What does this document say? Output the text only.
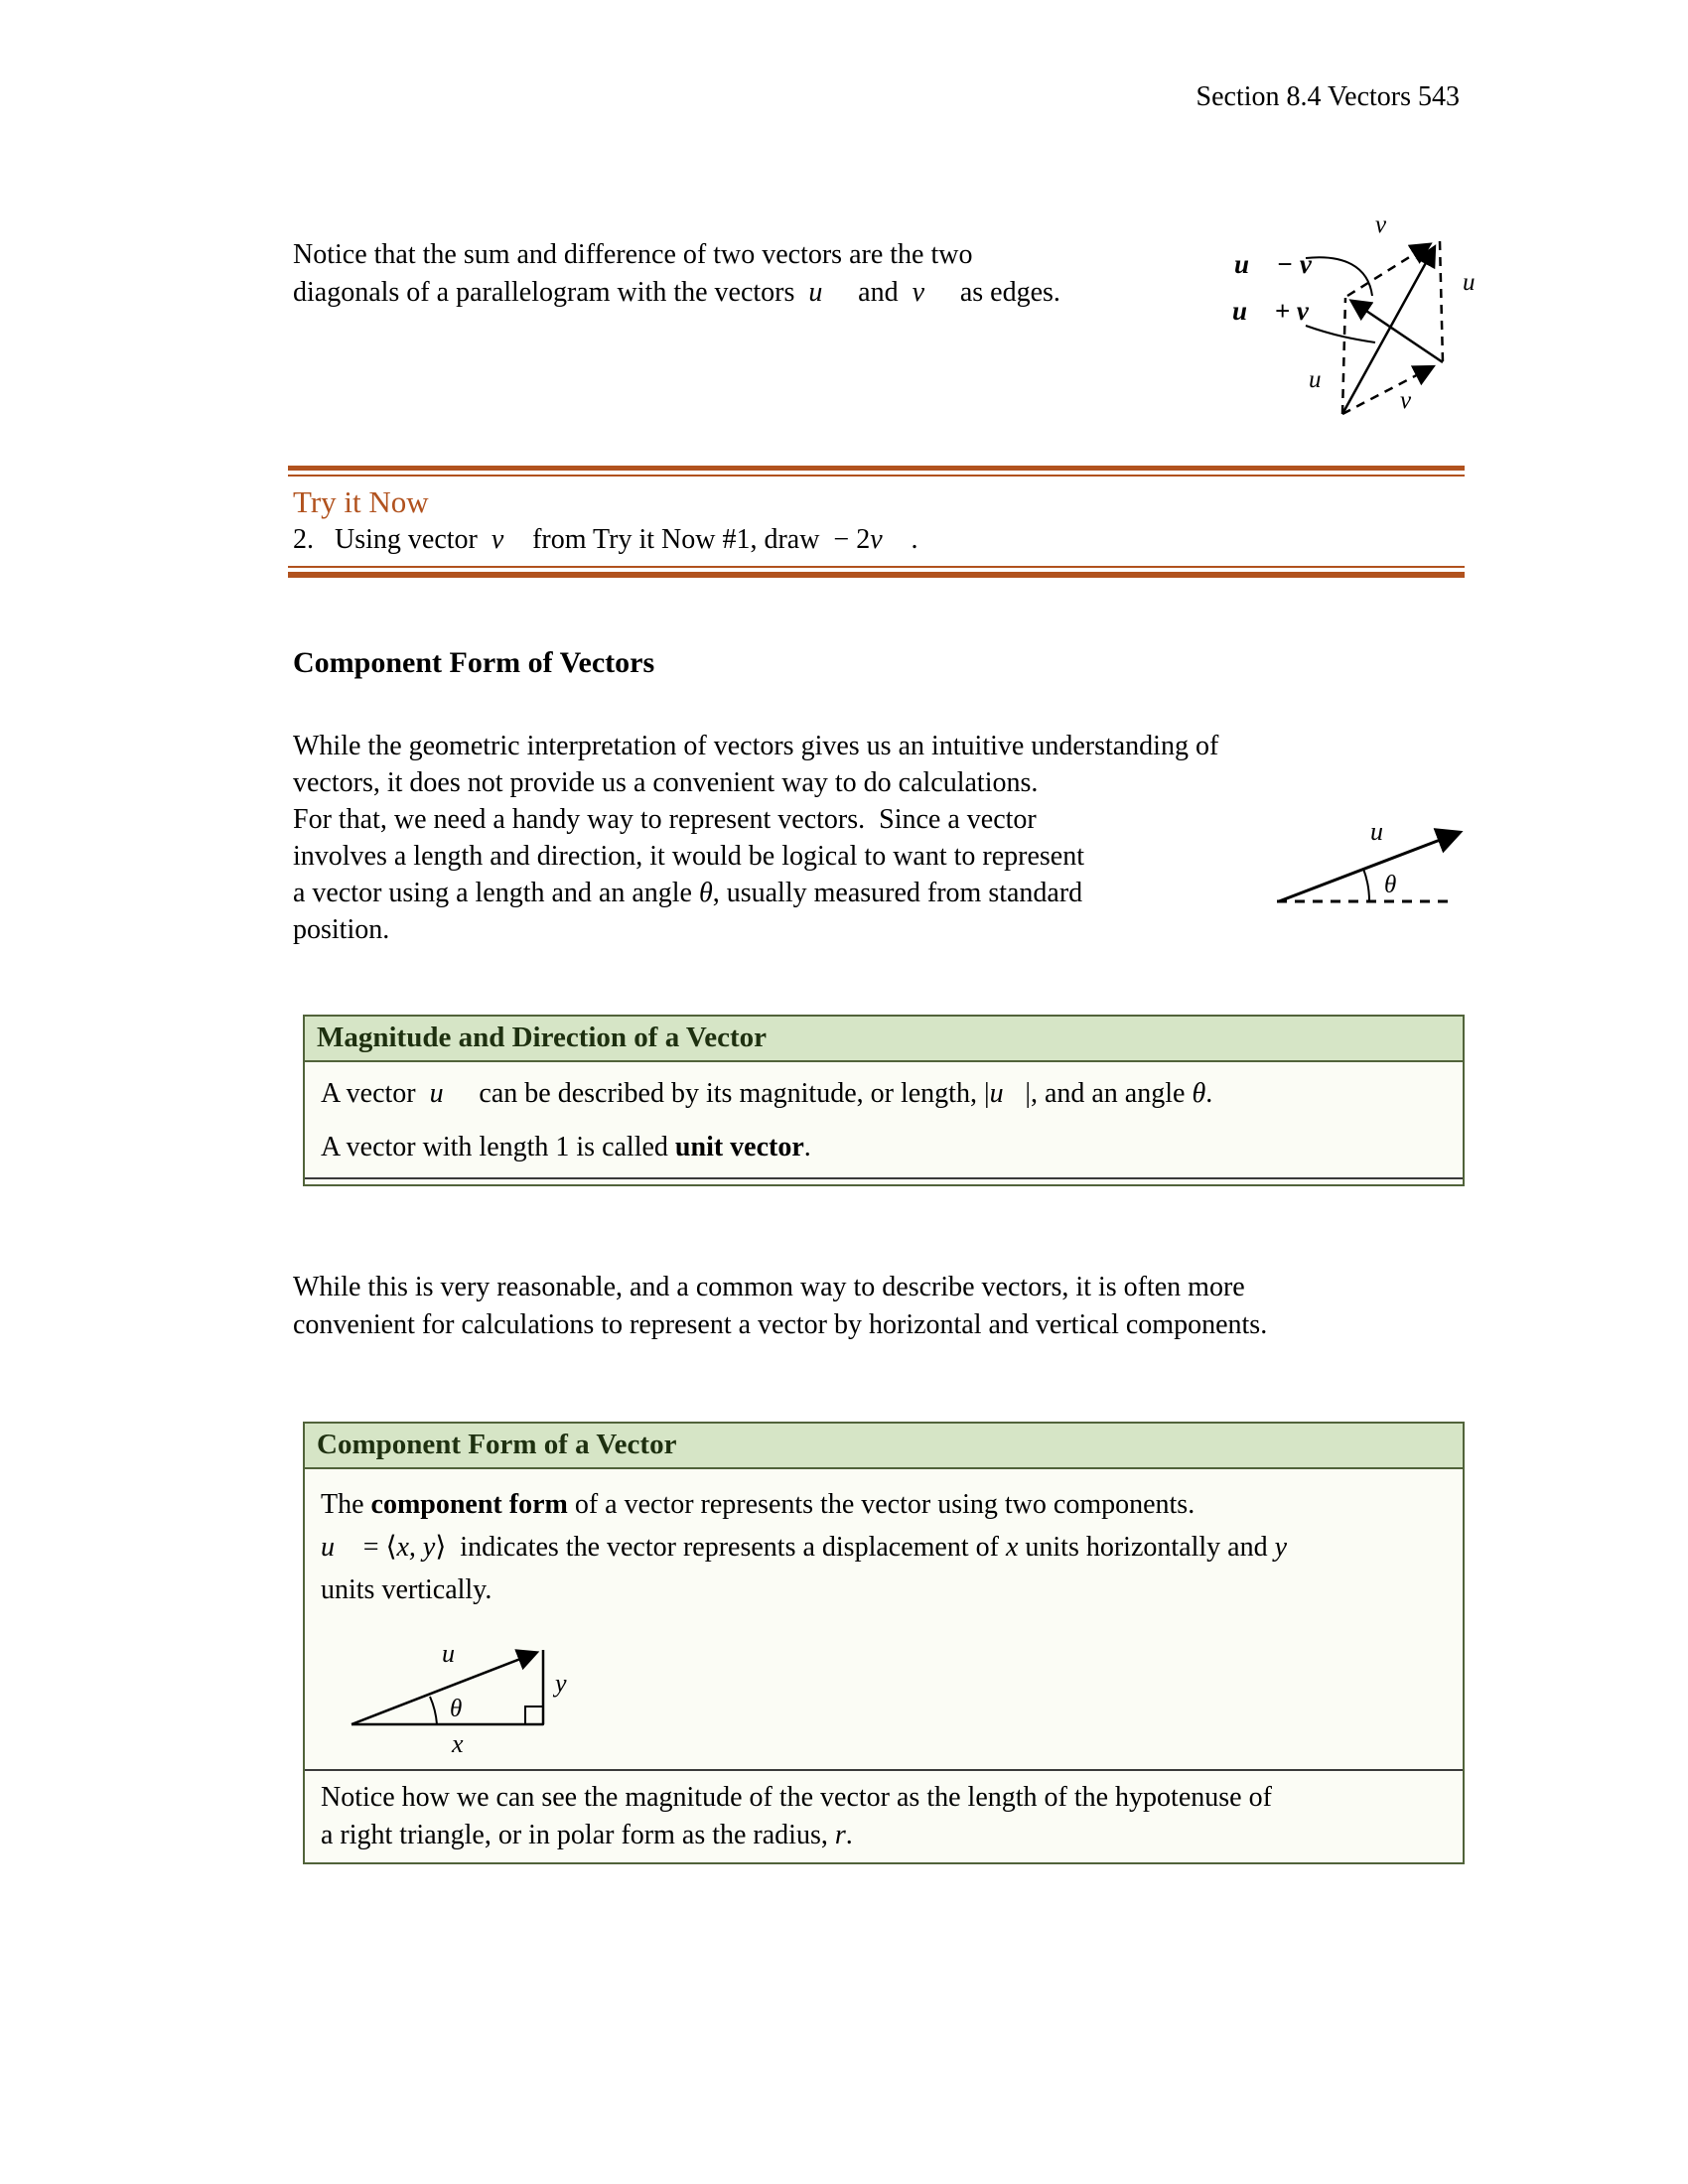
Section 8.4 Vectors 543
Notice that the sum and difference of two vectors are the two
diagonals of a parallelogram with the vectors  u⃗  and  v⃗  as edges.
u⃗ − v⃗
u⃗ + v⃗
v⃗
u⃗
u⃗
v⃗
Try it Now
2.   Using vector  v⃗ from Try it Now #1, draw  − 2v⃗ .
Component Form of Vectors
While the geometric interpretation of vectors gives us an intuitive understanding of
vectors, it does not provide us a convenient way to do calculations.
For that, we need a handy way to represent vectors.  Since a vector
involves a length and direction, it would be logical to want to represent
a vector using a length and an angle θ, usually measured from standard
position.
u⃗
θ
Magnitude and Direction of a Vector
A vector  u⃗  can be described by its magnitude, or length, |u⃗|, and an angle θ.
A vector with length 1 is called unit vector.
While this is very reasonable, and a common way to describe vectors, it is often more
convenient for calculations to represent a vector by horizontal and vertical components.
Component Form of a Vector
The component form of a vector represents the vector using two components.
u⃗ = ⟨x, y⟩  indicates the vector represents a displacement of x units horizontally and y
units vertically.
u⃗
y
θ
x
Notice how we can see the magnitude of the vector as the length of the hypotenuse of
a right triangle, or in polar form as the radius, r.
